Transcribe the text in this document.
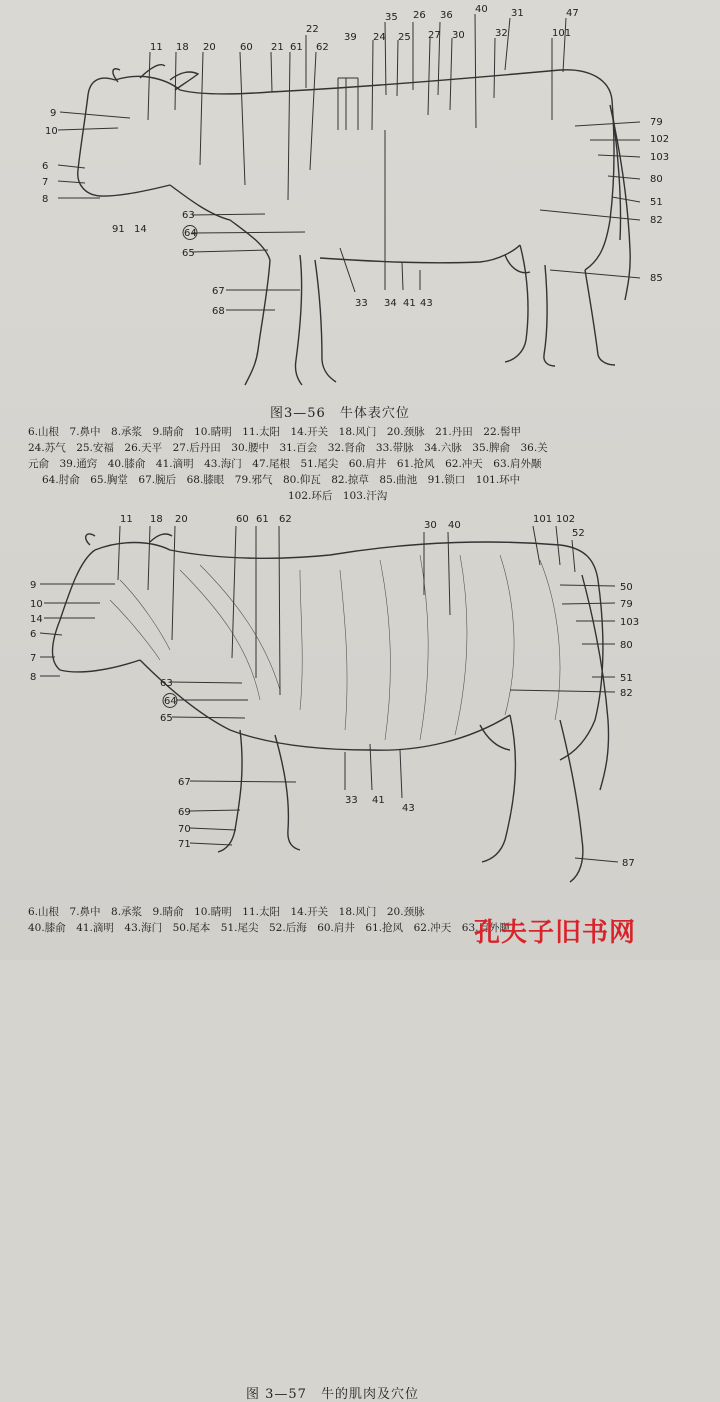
9
10
6
7
8
91 14
11 18 20 60 21 61
22
62
39 24
35
25
26
27
36
30
40 31
32	101
47
79
102
103
80
51
82
85
63
64
65
67
68
33 34 41 43
图3—56　牛体表穴位
6.山根　7.鼻中　8.承浆　9.睛俞　10.睛明　11.太阳　14.开关　18.风门　20.颈脉　21.丹田　22.髻甲
24.苏气　25.安福　26.天平　27.后丹田　30.腰中　31.百会　32.肾俞　33.带脉　34.六脉　35.脾俞　36.关
元俞　39.通窍　40.膝俞　41.滴明　43.海门　47.尾根　51.尾尖　60.肩井　61.抢风　62.冲天　63.肩外颙
64.肘俞　65.胸堂　67.腕后　68.膝眼　79.邪气　80.仰瓦　82.掠草　85.曲池　91.锁口　101.环中
102.环后　103.汗沟
11 18 20	60 61 62
30 40
101 102
52
9
10
14
6
7
8
50
79
103
80
51
82
63
64
65
67
69
70
71
33 41
43
87
图 3—57　牛的肌肉及穴位
6.山根　7.鼻中　8.承浆　9.睛俞　10.睛明　11.太阳　14.开关　18.风门　20.颈脉
40.膝俞　41.滴明　43.海门　50.尾本　51.尾尖　52.后海　60.肩井　61.抢风　62.冲天　63.肩外颙
孔夫子旧书网
